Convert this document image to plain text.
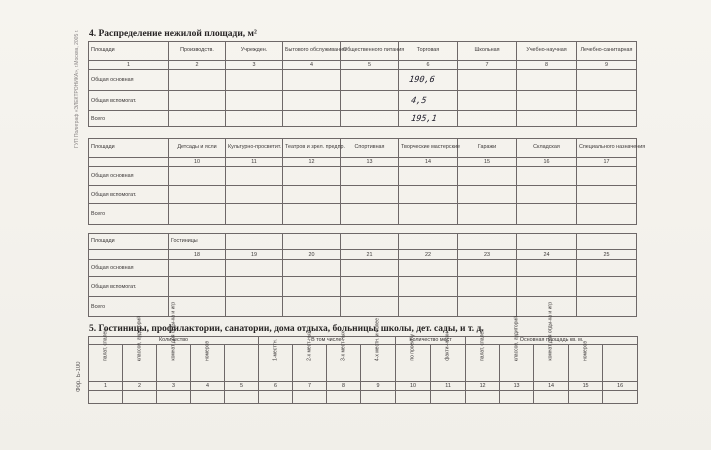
ГУП Полиграф «ЭЛЕКТРОНИКА», г.Москва, 2005 г.
Фор. Б-100
4. Распределение нежилой площади, м²
Площади	Производств.	Учрежден.	Бытового обслуживания	Общественного питания	Торговая	Школьная	Учебно-научная	Лечебно-санитарная
1	2	3	4	5	6	7	8	9
Общая основная					190,6			
Общая вспомогат.					4,5			
Всего					195,1			
Площади	Детсады и ясли	Культурно-просветит.	Театров и зрел. предпр.	Спортивная	Творческие мастерские	Гаражи	Складская	Специального назначения
	10	11	12	13	14	15	16	17
Общая основная								
Общая вспомогат.								
Всего								
Площади	Гостиницы							
	18	19	20	21	22	23	24	25
Общая основная								
Общая вспомогат.								
Всего								
5. Гостиницы, профилактории, санатории, дома отдыха, больницы, школы, дет. сады, и т. д.
Количество					В том числе:				Количество мест		Основная площадь кв. м.				

палат, спален	классов, аудиторий	комнат для отды-ха и игр	номеров		1-месттн.	2-х мест-ных	3-х мест-ных	4-х местн. и более	по проект-у	факти-чески	палат, спален	классов, аудиторий	комнат для отды-ха и игр	номеров	

1	2	3	4	5	6	7	8	9	10	11	12	13	14	15	16
